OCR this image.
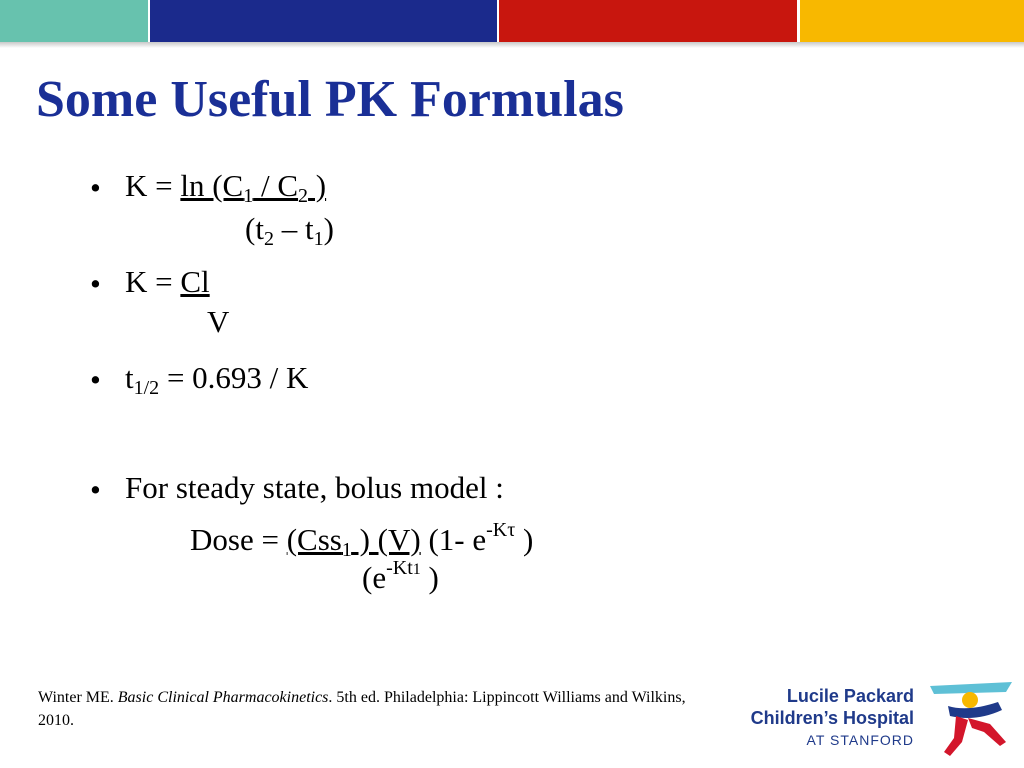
Some Useful PK Formulas
• $K = \ln (C_1 / C_2$ )
$(t_2 - t_1)$
• K = Cl
V
• $t_{1/2} = 0.693 / K$
• For steady state, bolus model :
Dose = (Css$_1$ ) (V) (1- $e^{-K\tau}$ )
($e^{-Kt1}$ )
Winter ME. Basic Clinical Pharmacokinetics. 5th ed. Philadelphia: Lippincott Williams and Wilkins, 2010.
Lucile Packard
Children’s Hospital
AT STANFORD
